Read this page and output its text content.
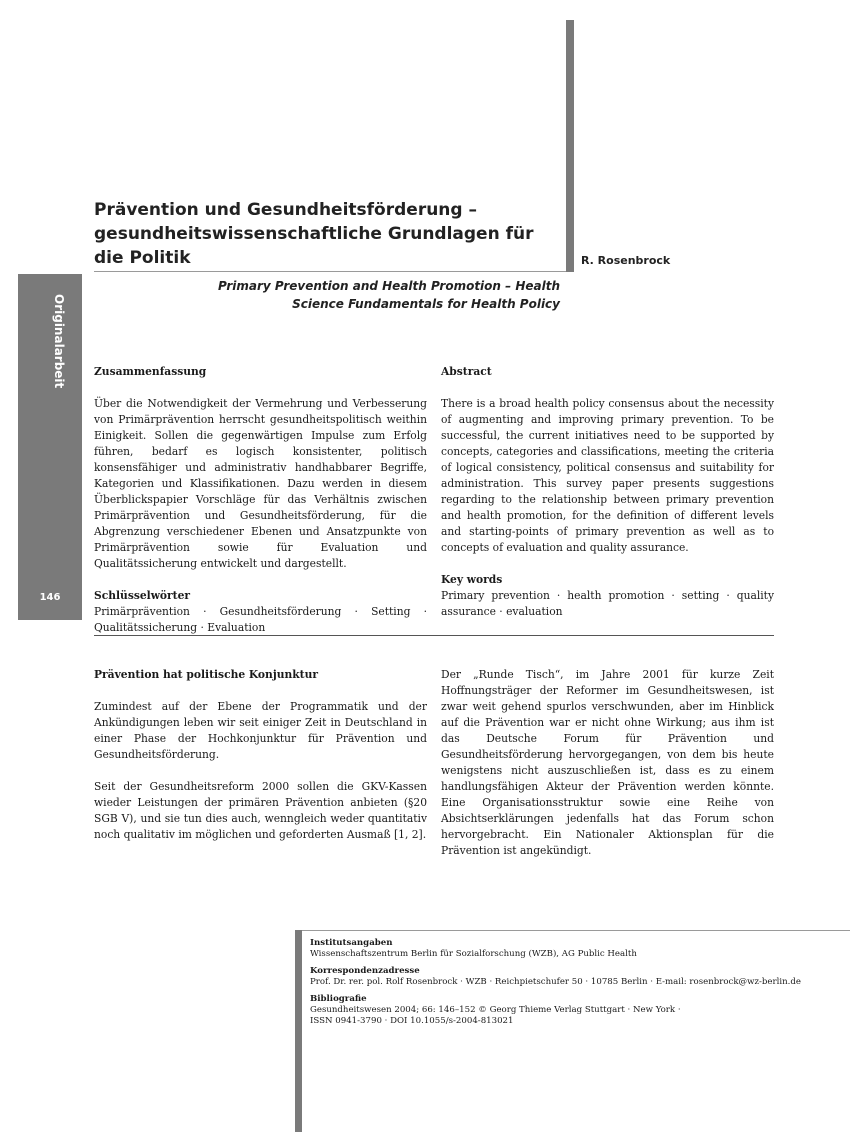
Prävention und Gesundheitsförderung – gesundheitswissenschaftliche Grundlagen für die Politik	R. Rosenbrock
Primary Prevention and Health Promotion – Health Science Fundamentals for Health Policy
Originalarbeit
146
Zusammenfassung

Über die Notwendigkeit der Vermehrung und Verbesserung von Primärprävention herrscht gesundheitspolitisch weithin Einigkeit. Sollen die gegenwärtigen Impulse zum Erfolg führen, bedarf es logisch konsistenter, politisch konsensfähiger und administrativ handhabbarer Begriffe, Kategorien und Klassifikationen. Dazu werden in diesem Überblickspapier Vorschläge für das Verhältnis zwischen Primärprävention und Gesundheitsförderung, für die Abgrenzung verschiedener Ebenen und Ansatzpunkte von Primärprävention sowie für Evaluation und Qualitätssicherung entwickelt und dargestellt.

Schlüsselwörter

Primärprävention · Gesundheitsförderung · Setting · Qualitätssicherung · Evaluation

Abstract

There is a broad health policy consensus about the necessity of augmenting and improving primary prevention. To be successful, the current initiatives need to be supported by concepts, categories and classifications, meeting the criteria of logical consistency, political consensus and suitability for administration. This survey paper presents suggestions regarding to the relationship between primary prevention and health promotion, for the definition of different levels and starting-points of primary prevention as well as to concepts of evaluation and quality assurance.

Key words

Primary prevention · health promotion · setting · quality assurance · evaluation

Prävention hat politische Konjunktur

Zumindest auf der Ebene der Programmatik und der Ankündigungen leben wir seit einiger Zeit in Deutschland in einer Phase der Hochkonjunktur für Prävention und Gesundheitsförderung.

Seit der Gesundheitsreform 2000 sollen die GKV-Kassen wieder Leistungen der primären Prävention anbieten (§20 SGB V), und sie tun dies auch, wenngleich weder quantitativ noch qualitativ im möglichen und geforderten Ausmaß [1, 2].

Der „Runde Tisch“, im Jahre 2001 für kurze Zeit Hoffnungsträger der Reformer im Gesundheitswesen, ist zwar weit gehend spurlos verschwunden, aber im Hinblick auf die Prävention war er nicht ohne Wirkung; aus ihm ist das Deutsche Forum für Prävention und Gesundheitsförderung hervorgegangen, von dem bis heute wenigstens nicht auszuschließen ist, dass es zu einem handlungsfähigen Akteur der Prävention werden könnte. Eine Organisationsstruktur sowie eine Reihe von Absichtserklärungen jedenfalls hat das Forum schon hervorgebracht. Ein Nationaler Aktionsplan für die Prävention ist angekündigt.

Institutsangaben
Wissenschaftszentrum Berlin für Sozialforschung (WZB), AG Public Health
Korrespondenzadresse
Prof. Dr. rer. pol. Rolf Rosenbrock · WZB · Reichpietschufer 50 · 10785 Berlin · E-mail: rosenbrock@wz-berlin.de
Bibliografie
Gesundheitswesen 2004; 66: 146–152 © Georg Thieme Verlag Stuttgart · New York ·
ISSN 0941-3790 · DOI 10.1055/s-2004-813021
